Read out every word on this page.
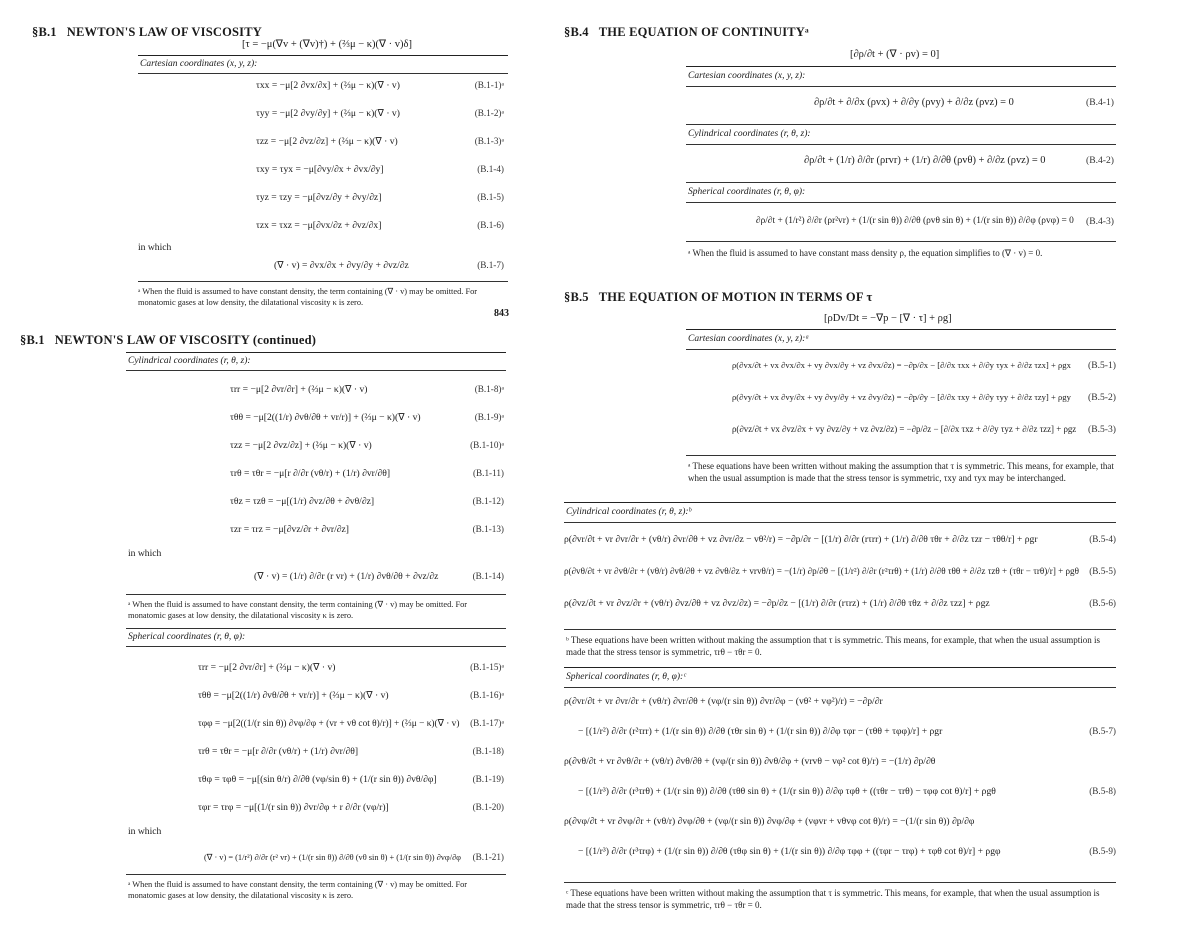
§B.1 NEWTON'S LAW OF VISCOSITY
[τ = −μ(∇v + (∇v)†) + (⅔μ − κ)(∇ · v)δ]
Cartesian coordinates (x, y, z):
τxx = −μ[2 ∂vx/∂x] + (⅔μ − κ)(∇ · v)	(B.1-1)ᵃ
τyy = −μ[2 ∂vy/∂y] + (⅔μ − κ)(∇ · v)	(B.1-2)ᵃ
τzz = −μ[2 ∂vz/∂z] + (⅔μ − κ)(∇ · v)	(B.1-3)ᵃ
τxy = τyx = −μ[∂vy/∂x + ∂vx/∂y]	(B.1-4)
τyz = τzy = −μ[∂vz/∂y + ∂vy/∂z]	(B.1-5)
τzx = τxz = −μ[∂vx/∂z + ∂vz/∂x]	(B.1-6)
in which
(∇ · v) = ∂vx/∂x + ∂vy/∂y + ∂vz/∂z	(B.1-7)
ᵃ When the fluid is assumed to have constant density, the term containing (∇ · v) may be omitted. For monatomic gases at low density, the dilatational viscosity κ is zero.
843
§B.1 NEWTON'S LAW OF VISCOSITY (continued)
Cylindrical coordinates (r, θ, z):
τrr = −μ[2 ∂vr/∂r] + (⅔μ − κ)(∇ · v)	(B.1-8)ᵃ
τθθ = −μ[2((1/r) ∂vθ/∂θ + vr/r)] + (⅔μ − κ)(∇ · v)	(B.1-9)ᵃ
τzz = −μ[2 ∂vz/∂z] + (⅔μ − κ)(∇ · v)	(B.1-10)ᵃ
τrθ = τθr = −μ[r ∂/∂r (vθ/r) + (1/r) ∂vr/∂θ]	(B.1-11)
τθz = τzθ = −μ[(1/r) ∂vz/∂θ + ∂vθ/∂z]	(B.1-12)
τzr = τrz = −μ[∂vz/∂r + ∂vr/∂z]	(B.1-13)
in which
(∇ · v) = (1/r) ∂/∂r (r vr) + (1/r) ∂vθ/∂θ + ∂vz/∂z	(B.1-14)
ᵃ When the fluid is assumed to have constant density, the term containing (∇ · v) may be omitted. For monatomic gases at low density, the dilatational viscosity κ is zero.
Spherical coordinates (r, θ, φ):
τrr = −μ[2 ∂vr/∂r] + (⅔μ − κ)(∇ · v)	(B.1-15)ᵃ
τθθ = −μ[2((1/r) ∂vθ/∂θ + vr/r)] + (⅔μ − κ)(∇ · v)	(B.1-16)ᵃ
τφφ = −μ[2((1/(r sin θ)) ∂vφ/∂φ + (vr + vθ cot θ)/r)] + (⅔μ − κ)(∇ · v) (B.1-17)ᵃ
τrθ = τθr = −μ[r ∂/∂r (vθ/r) + (1/r) ∂vr/∂θ]	(B.1-18)
τθφ = τφθ = −μ[(sin θ/r) ∂/∂θ (vφ/sin θ) + (1/(r sin θ)) ∂vθ/∂φ]	(B.1-19)
τφr = τrφ = −μ[(1/(r sin θ)) ∂vr/∂φ + r ∂/∂r (vφ/r)]	(B.1-20)
in which
(∇ · v) = (1/r²) ∂/∂r (r² vr) + (1/(r sin θ)) ∂/∂θ (vθ sin θ) + (1/(r sin θ)) ∂vφ/∂φ (B.1-21)
ᵃ When the fluid is assumed to have constant density, the term containing (∇ · v) may be omitted. For monatomic gases at low density, the dilatational viscosity κ is zero.
§B.4 THE EQUATION OF CONTINUITYᵃ
[∂ρ/∂t + (∇ · ρv) = 0]
Cartesian coordinates (x, y, z):
∂ρ/∂t + ∂/∂x (ρvx) + ∂/∂y (ρvy) + ∂/∂z (ρvz) = 0	(B.4-1)
Cylindrical coordinates (r, θ, z):
∂ρ/∂t + (1/r) ∂/∂r (ρrvr) + (1/r) ∂/∂θ (ρvθ) + ∂/∂z (ρvz) = 0	(B.4-2)
Spherical coordinates (r, θ, φ):
∂ρ/∂t + (1/r²) ∂/∂r (ρr²vr) + (1/(r sin θ)) ∂/∂θ (ρvθ sin θ) + (1/(r sin θ)) ∂/∂φ (ρvφ) = 0 (B.4-3)
ᵃ When the fluid is assumed to have constant mass density ρ, the equation simplifies to (∇ · v) = 0.
§B.5 THE EQUATION OF MOTION IN TERMS OF τ
[ρDv/Dt = −∇p − [∇ · τ] + ρg]
Cartesian coordinates (x, y, z):ᵃ
ρ(∂vx/∂t + vx ∂vx/∂x + vy ∂vx/∂y + vz ∂vx/∂z) = −∂p/∂x − [∂/∂x τxx + ∂/∂y τyx + ∂/∂z τzx] + ρgx (B.5-1)
ρ(∂vy/∂t + vx ∂vy/∂x + vy ∂vy/∂y + vz ∂vy/∂z) = −∂p/∂y − [∂/∂x τxy + ∂/∂y τyy + ∂/∂z τzy] + ρgy (B.5-2)
ρ(∂vz/∂t + vx ∂vz/∂x + vy ∂vz/∂y + vz ∂vz/∂z) = −∂p/∂z − [∂/∂x τxz + ∂/∂y τyz + ∂/∂z τzz] + ρgz (B.5-3)
ᵃ These equations have been written without making the assumption that τ is symmetric. This means, for example, that when the usual assumption is made that the stress tensor is symmetric, τxy and τyx may be interchanged.
Cylindrical coordinates (r, θ, z):ᵇ
ρ(∂vr/∂t + vr ∂vr/∂r + (vθ/r) ∂vr/∂θ + vz ∂vr/∂z − vθ²/r) = −∂p/∂r − [(1/r) ∂/∂r (rτrr) + (1/r) ∂/∂θ τθr + ∂/∂z τzr − τθθ/r] + ρgr	(B.5-4)
ρ(∂vθ/∂t + vr ∂vθ/∂r + (vθ/r) ∂vθ/∂θ + vz ∂vθ/∂z + vrvθ/r) = −(1/r) ∂p/∂θ − [(1/r²) ∂/∂r (r²τrθ) + (1/r) ∂/∂θ τθθ + ∂/∂z τzθ + (τθr − τrθ)/r] + ρgθ (B.5-5)
ρ(∂vz/∂t + vr ∂vz/∂r + (vθ/r) ∂vz/∂θ + vz ∂vz/∂z) = −∂p/∂z − [(1/r) ∂/∂r (rτrz) + (1/r) ∂/∂θ τθz + ∂/∂z τzz] + ρgz	(B.5-6)
ᵇ These equations have been written without making the assumption that τ is symmetric. This means, for example, that when the usual assumption is made that the stress tensor is symmetric, τrθ − τθr = 0.
Spherical coordinates (r, θ, φ):ᶜ
ρ(∂vr/∂t + vr ∂vr/∂r + (vθ/r) ∂vr/∂θ + (vφ/(r sin θ)) ∂vr/∂φ − (vθ² + vφ²)/r) = −∂p/∂r
− [(1/r²) ∂/∂r (r²τrr) + (1/(r sin θ)) ∂/∂θ (τθr sin θ) + (1/(r sin θ)) ∂/∂φ τφr − (τθθ + τφφ)/r] + ρgr	(B.5-7)
ρ(∂vθ/∂t + vr ∂vθ/∂r + (vθ/r) ∂vθ/∂θ + (vφ/(r sin θ)) ∂vθ/∂φ + (vrvθ − vφ² cot θ)/r) = −(1/r) ∂p/∂θ
− [(1/r³) ∂/∂r (r³τrθ) + (1/(r sin θ)) ∂/∂θ (τθθ sin θ) + (1/(r sin θ)) ∂/∂φ τφθ + ((τθr − τrθ) − τφφ cot θ)/r] + ρgθ	(B.5-8)
ρ(∂vφ/∂t + vr ∂vφ/∂r + (vθ/r) ∂vφ/∂θ + (vφ/(r sin θ)) ∂vφ/∂φ + (vφvr + vθvφ cot θ)/r) = −(1/(r sin θ)) ∂p/∂φ
− [(1/r³) ∂/∂r (r³τrφ) + (1/(r sin θ)) ∂/∂θ (τθφ sin θ) + (1/(r sin θ)) ∂/∂φ τφφ + ((τφr − τrφ) + τφθ cot θ)/r] + ρgφ	(B.5-9)
ᶜ These equations have been written without making the assumption that τ is symmetric. This means, for example, that when the usual assumption is made that the stress tensor is symmetric, τrθ − τθr = 0.
